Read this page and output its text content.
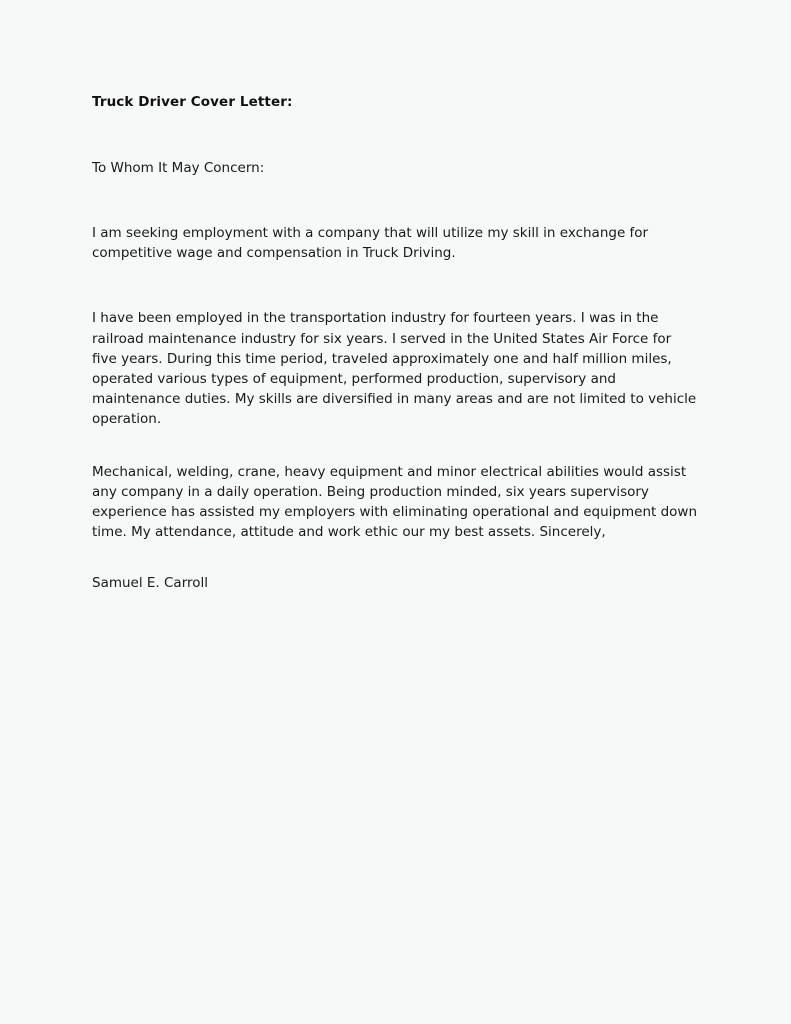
Truck Driver Cover Letter:

To Whom It May Concern:

I am seeking employment with a company that will utilize my skill in exchange for competitive wage and compensation in Truck Driving.

I have been employed in the transportation industry for fourteen years. I was in the railroad maintenance industry for six years. I served in the United States Air Force for five years. During this time period, traveled approximately one and half million miles, operated various types of equipment, performed production, supervisory and maintenance duties. My skills are diversified in many areas and are not limited to vehicle operation.

Mechanical, welding, crane, heavy equipment and minor electrical abilities would assist any company in a daily operation. Being production minded, six years supervisory experience has assisted my employers with eliminating operational and equipment down time. My attendance, attitude and work ethic our my best assets. Sincerely,

Samuel E. Carroll
